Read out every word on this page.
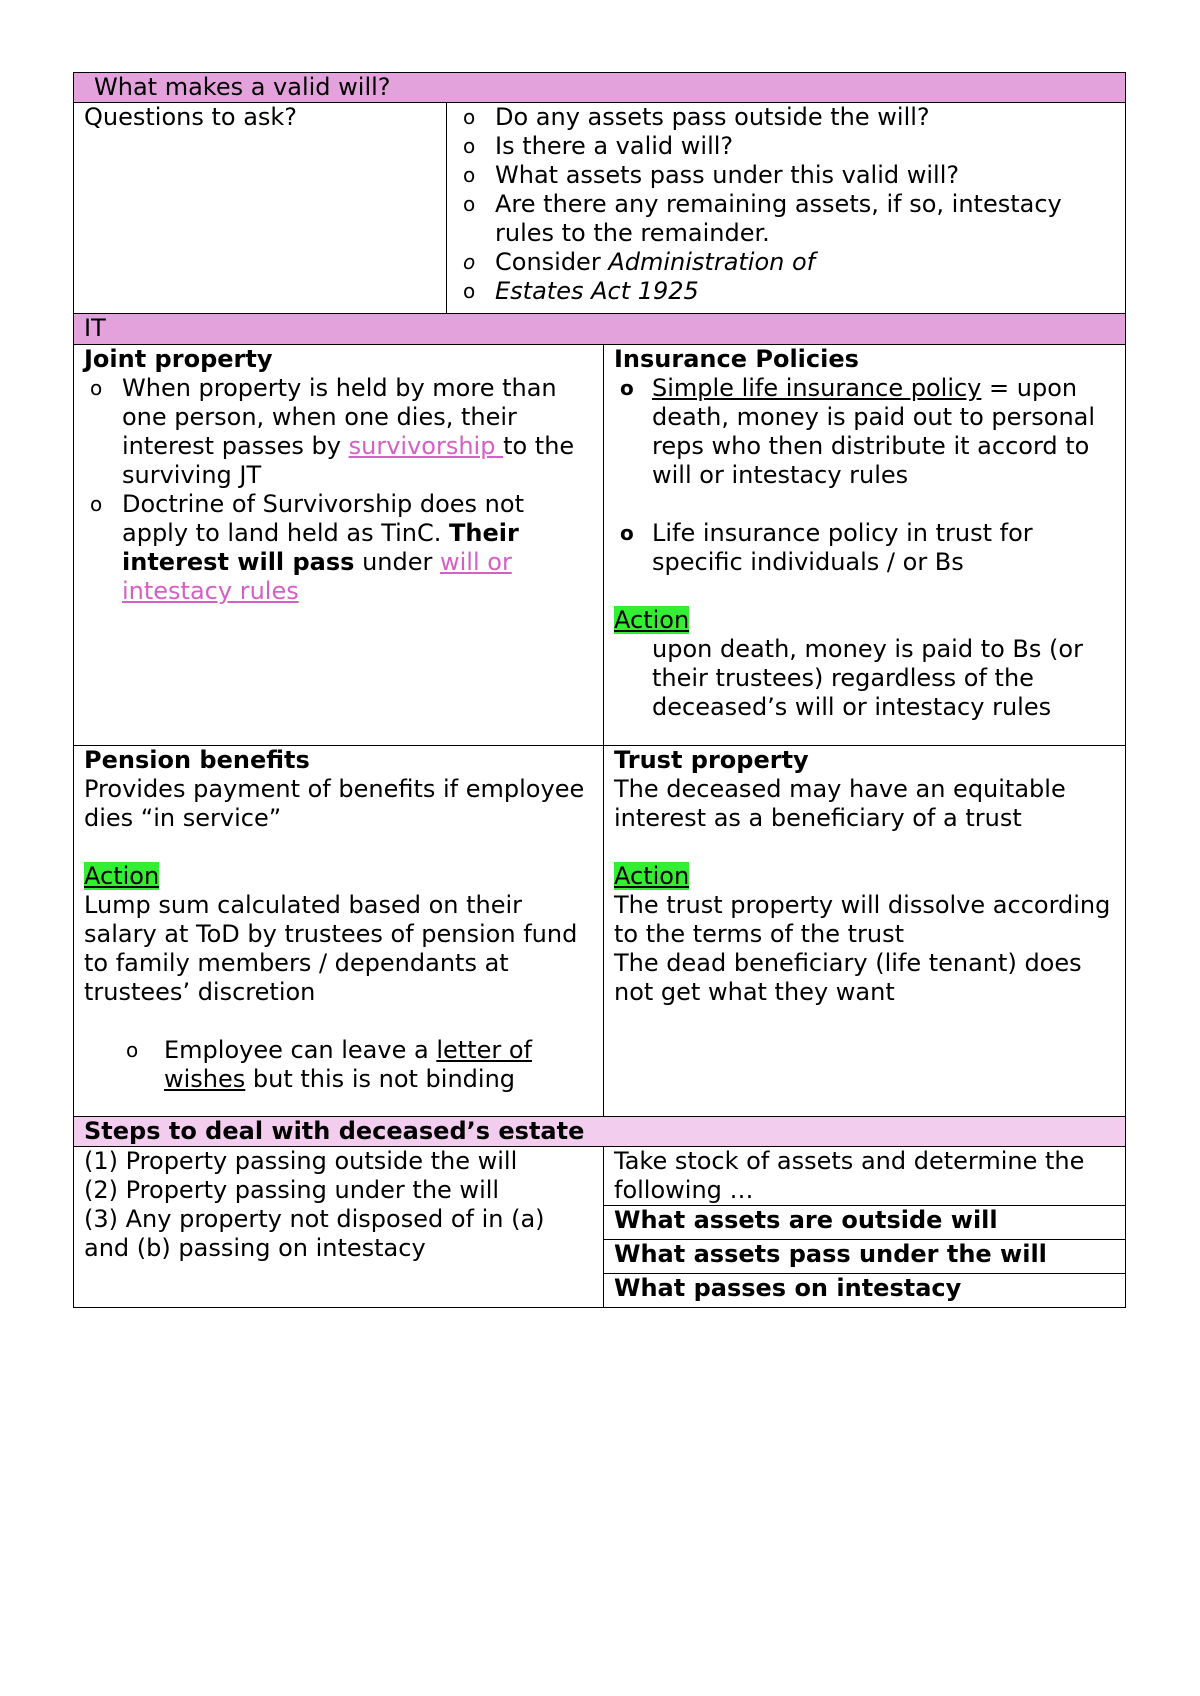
What makes a valid will?
Questions to ask?	o Do any assets pass outside the will?
o Is there a valid will?
o What assets pass under this valid will?
o Are there any remaining assets, if so, intestacy rules to the remainder.
o Consider Administration of
o Estates Act 1925

IT

Joint property
o When property is held by more than one person, when one dies, their interest passes by survivorship to the surviving JT
o Doctrine of Survivorship does not apply to land held as TinC. Their interest will pass under will or intestacy rules

Insurance Policies
o Simple life insurance policy = upon death, money is paid out to personal reps who then distribute it accord to will or intestacy rules
o Life insurance policy in trust for specific individuals / or Bs
Action
upon death, money is paid to Bs (or their trustees) regardless of the deceased’s will or intestacy rules

Pension benefits
Provides payment of benefits if employee dies “in service”
Action
Lump sum calculated based on their salary at ToD by trustees of pension fund to family members / dependants at trustees’ discretion
o Employee can leave a letter of wishes but this is not binding

Trust property
The deceased may have an equitable interest as a beneficiary of a trust
Action
The trust property will dissolve according to the terms of the trust
The dead beneficiary (life tenant) does not get what they want

Steps to deal with deceased’s estate

(1) Property passing outside the will
(2) Property passing under the will
(3) Any property not disposed of in (a) and (b) passing on intestacy

Take stock of assets and determine the following …
What assets are outside will
What assets pass under the will
What passes on intestacy
